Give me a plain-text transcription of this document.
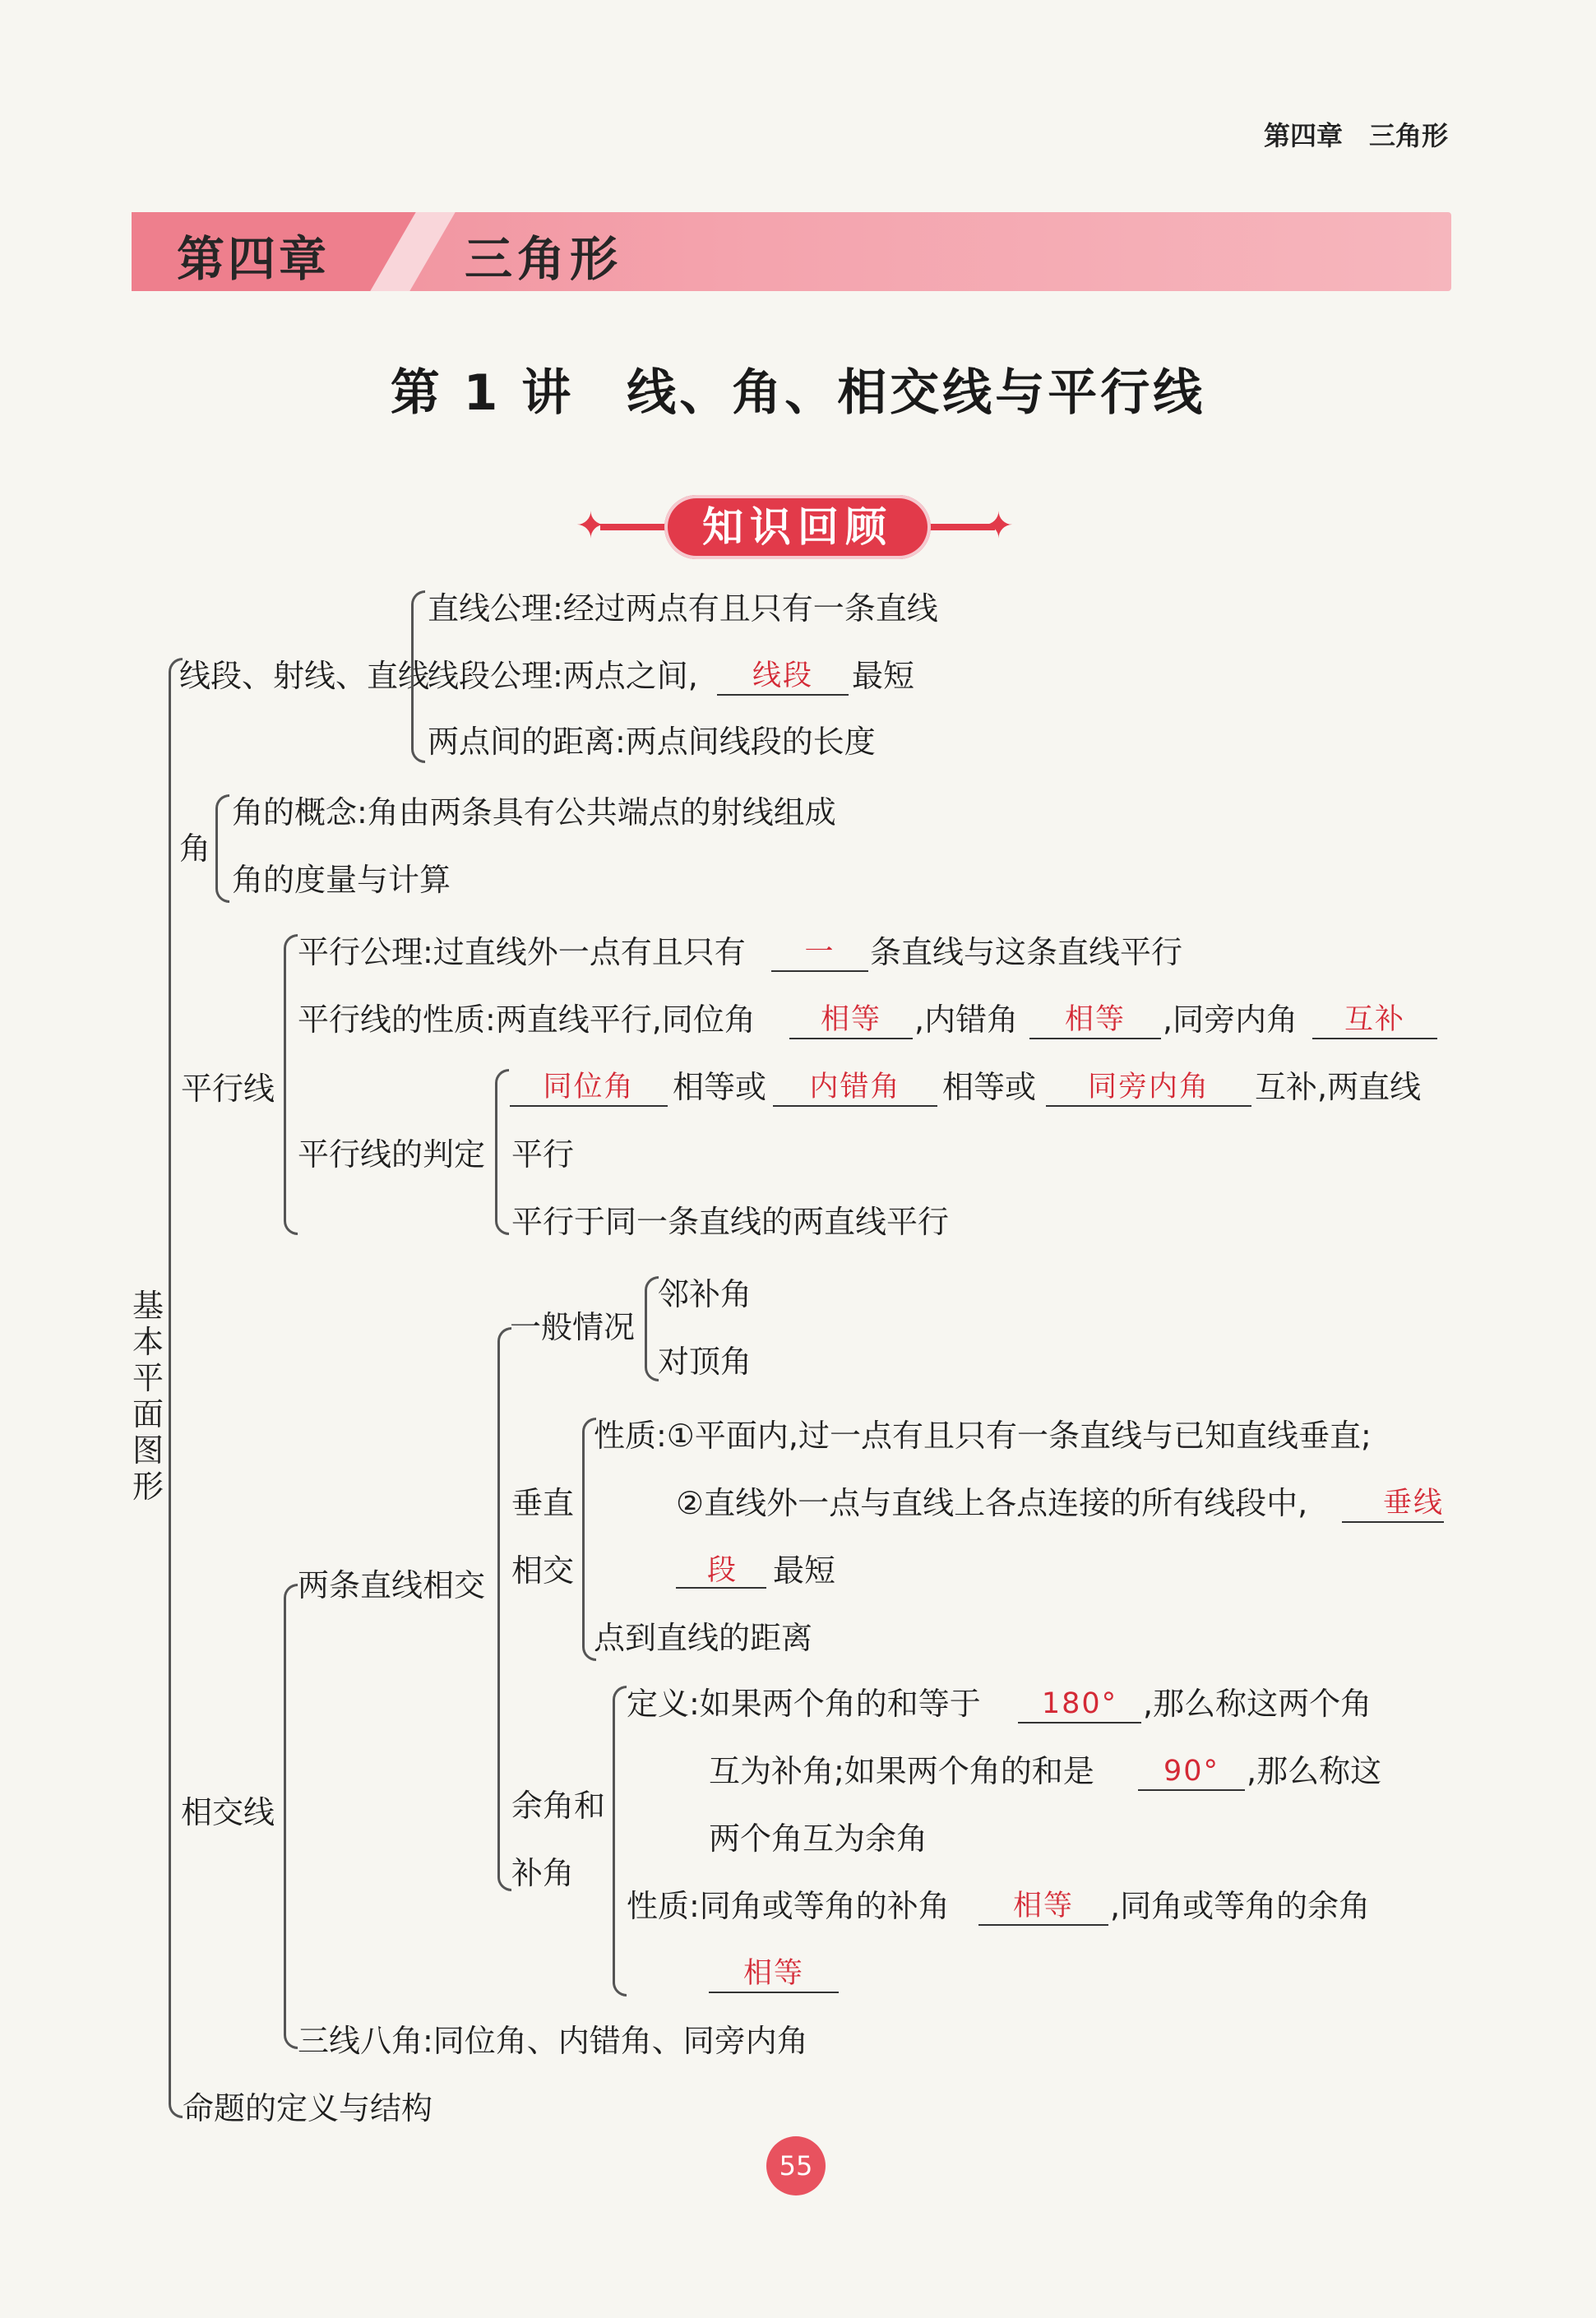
第四章　三角形
第四章	三角形
第 1 讲　线、角、相交线与平行线
✦	✦
知识回顾
基本平面图形
线段、射线、直线
直线公理:经过两点有且只有一条直线
线段公理:两点之间,	线段	最短
两点间的距离:两点间线段的长度
角
角的概念:角由两条具有公共端点的射线组成
角的度量与计算
平行线
平行公理:过直线外一点有且只有	一	条直线与这条直线平行
平行线的性质:两直线平行,同位角	相等	,内错角	相等	,同旁内角	互补
平行线的判定
同位角	相等或	内错角	相等或	同旁内角	互补,两直线
平行
平行于同一条直线的两直线平行
相交线
两条直线相交
一般情况
邻补角
对顶角
垂直
相交
性质:①平面内,过一点有且只有一条直线与已知直线垂直;
②直线外一点与直线上各点连接的所有线段中,	垂线
段	最短
点到直线的距离
余角和
补角
定义:如果两个角的和等于	180° ,那么称这两个角
互为补角;如果两个角的和是	90° ,那么称这
两个角互为余角
性质:同角或等角的补角	相等	,同角或等角的余角
相等
三线八角:同位角、内错角、同旁内角
命题的定义与结构
55
